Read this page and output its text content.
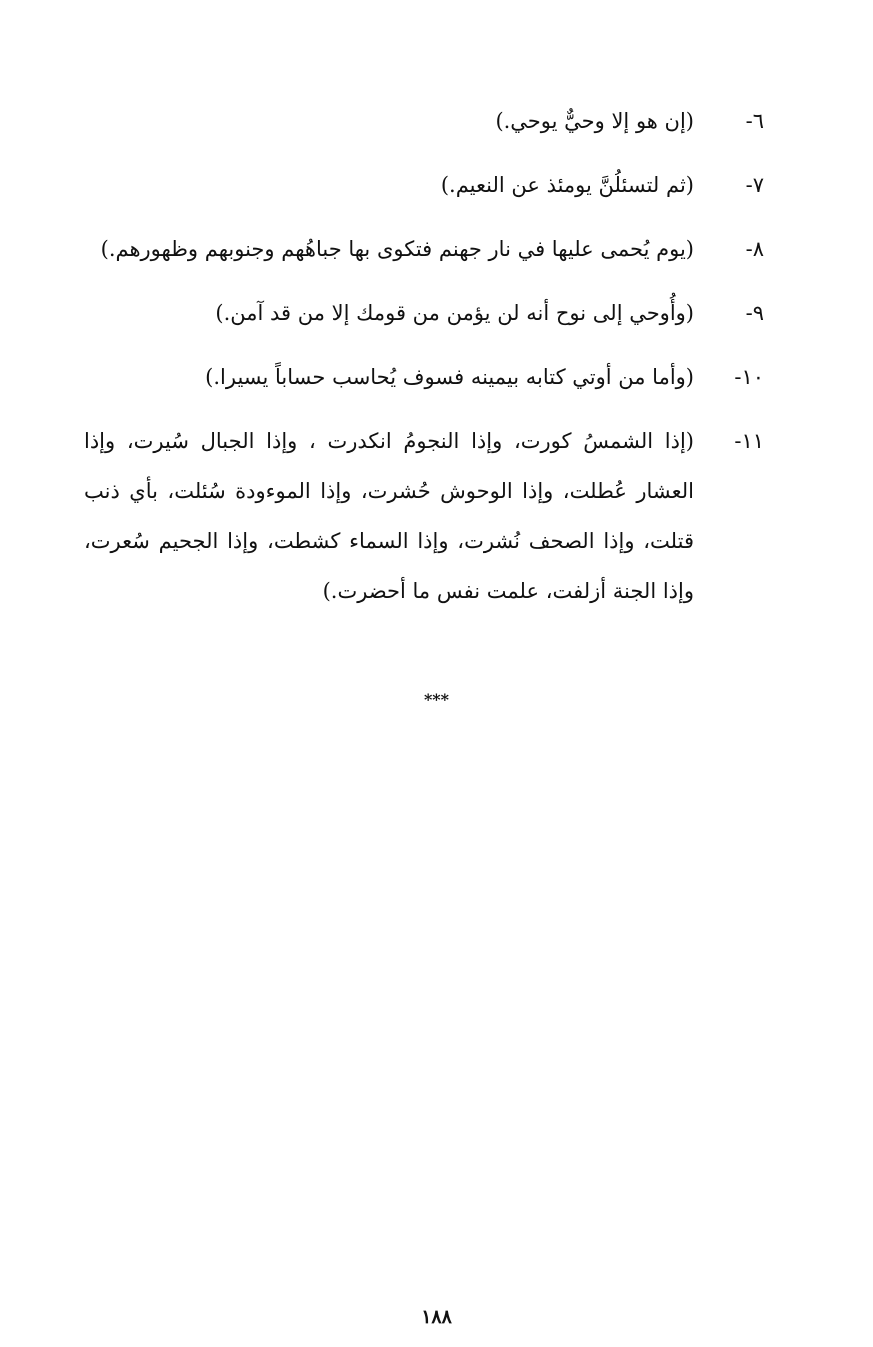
٦-
(إن هو إلا وحيٌّ يوحي.)
٧-
(ثم لتسئلُنَّ يومئذ عن النعيم.)
٨-
(يوم يُحمى عليها في نار جهنم فتكوى بها جباهُهم وجنوبهم وظهورهم.)
٩-
(وأُوحي إلى نوح أنه لن يؤمن من قومك إلا من قد آمن.)
١٠-
(وأما من أوتي كتابه بيمينه فسوف يُحاسب حساباً يسيرا.)
١١-
(إذا الشمسُ كورت، وإذا النجومُ انكدرت ، وإذا الجبال سُيرت، وإذا العشار عُطلت، وإذا الوحوش حُشرت، وإذا الموءودة سُئلت، بأي ذنب قتلت، وإذا الصحف نُشرت، وإذا السماء كشطت، وإذا الجحيم سُعرت، وإذا الجنة أزلفت، علمت نفس ما أحضرت.)
***
١٨٨
